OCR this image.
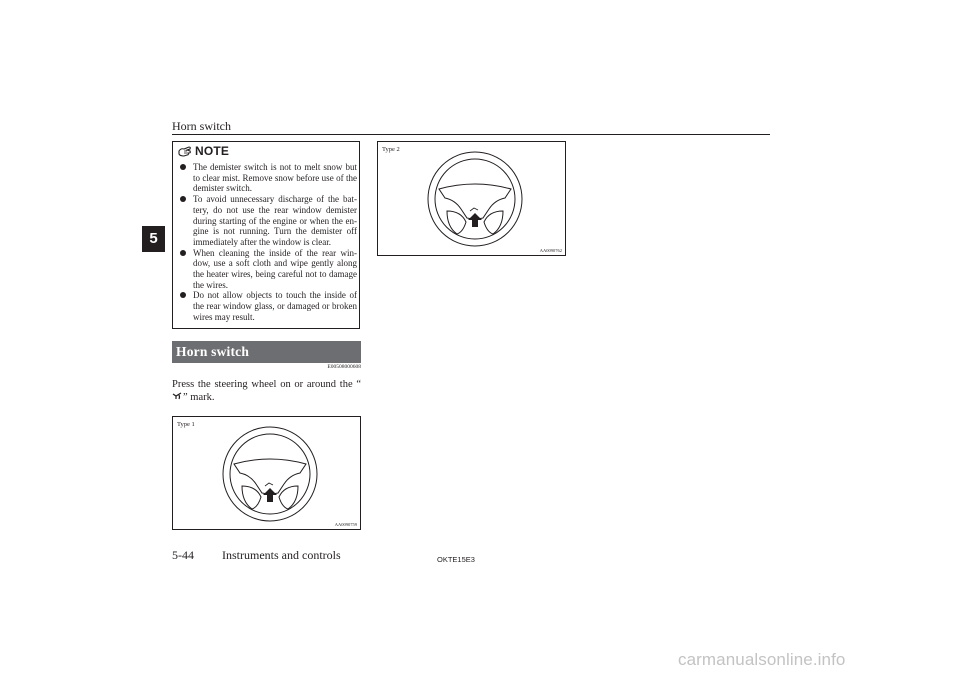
Horn switch
5
NOTE
The demister switch is not to melt snow but to clear mist. Remove snow before use of the demister switch.
To avoid unnecessary discharge of the bat-tery, do not use the rear window demister during starting of the engine or when the en-gine is not running. Turn the demister off immediately after the window is clear.
When cleaning the inside of the rear win-dow, use a soft cloth and wipe gently along the heater wires, being careful not to damage the wires.
Do not allow objects to touch the inside of the rear window glass, or damaged or broken wires may result.
Horn switch
E00508000608

Press the steering wheel on or around the “” mark.

Type 1
AA0090759
Type 2
AA0090762
5-44 Instruments and controls	OKTE15E3
carmanualsonline.info
